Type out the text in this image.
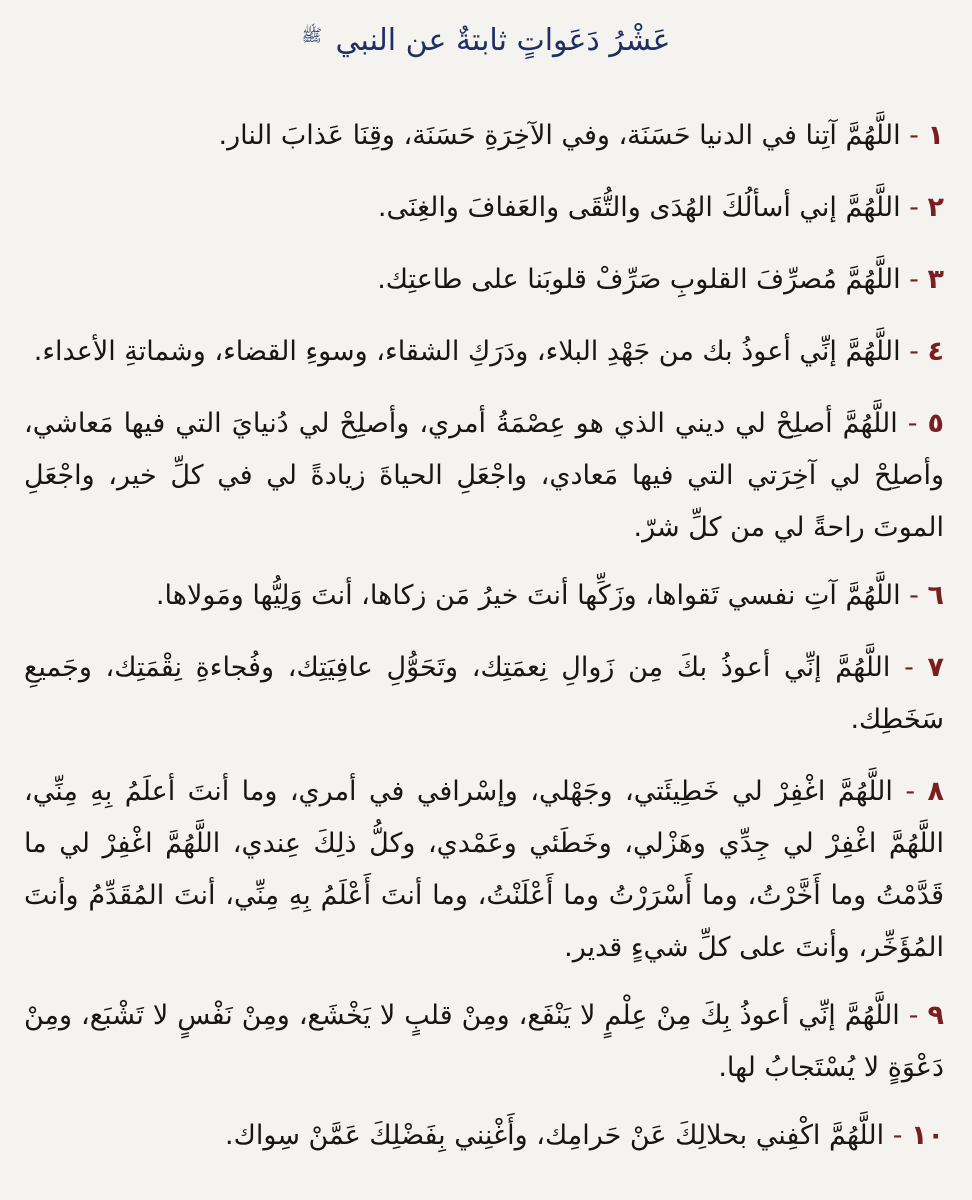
عَشْرُ دَعَواتٍ ثابتةٌ عن النبي ﷺ

١ - اللَّهُمَّ آتِنا في الدنيا حَسَنَة، وفي الآخِرَةِ حَسَنَة، وقِنَا عَذابَ النار.

٢ - اللَّهُمَّ إني أسألُكَ الهُدَى والتُّقَى والعَفافَ والغِنَى.

٣ - اللَّهُمَّ مُصرِّفَ القلوبِ صَرِّفْ قلوبَنا على طاعتِك.

٤ - اللَّهُمَّ إنِّي أعوذُ بك من جَهْدِ البلاء، ودَرَكِ الشقاء، وسوءِ القضاء، وشماتةِ الأعداء.

٥ - اللَّهُمَّ أصلِحْ لي ديني الذي هو عِصْمَةُ أمري، وأصلِحْ لي دُنيايَ التي فيها مَعاشي، وأصلِحْ لي آخِرَتي التي فيها مَعادي، واجْعَلِ الحياةَ زيادةً لي في كلِّ خير، واجْعَلِ الموتَ راحةً لي من كلِّ شرّ.

٦ - اللَّهُمَّ آتِ نفسي تَقواها، وزَكِّها أنتَ خيرُ مَن زكاها، أنتَ وَلِيُّها ومَولاها.

٧ - اللَّهُمَّ إنِّي أعوذُ بكَ مِن زَوالِ نِعمَتِك، وتَحَوُّلِ عافِيَتِك، وفُجاءةِ نِقْمَتِك، وجَميعِ سَخَطِك.

٨ - اللَّهُمَّ اغْفِرْ لي خَطِيئَتي، وجَهْلي، وإسْرافي في أمري، وما أنتَ أعلَمُ بِهِ مِنِّي، اللَّهُمَّ اغْفِرْ لي جِدِّي وهَزْلي، وخَطَئي وعَمْدي، وكلُّ ذلِكَ عِندي، اللَّهُمَّ اغْفِرْ لي ما قَدَّمْتُ وما أَخَّرْتُ، وما أَسْرَرْتُ وما أَعْلَنْتُ، وما أنتَ أَعْلَمُ بِهِ مِنِّي، أنتَ المُقَدِّمُ وأنتَ المُؤَخِّر، وأنتَ على كلِّ شيءٍ قدير.

٩ - اللَّهُمَّ إنِّي أعوذُ بِكَ مِنْ عِلْمٍ لا يَنْفَع، ومِنْ قلبٍ لا يَخْشَع، ومِنْ نَفْسٍ لا تَشْبَع، ومِنْ دَعْوَةٍ لا يُسْتَجابُ لها.

١٠ - اللَّهُمَّ اكْفِني بحلالِكَ عَنْ حَرامِك، وأَغْنِني بِفَضْلِكَ عَمَّنْ سِواك.
